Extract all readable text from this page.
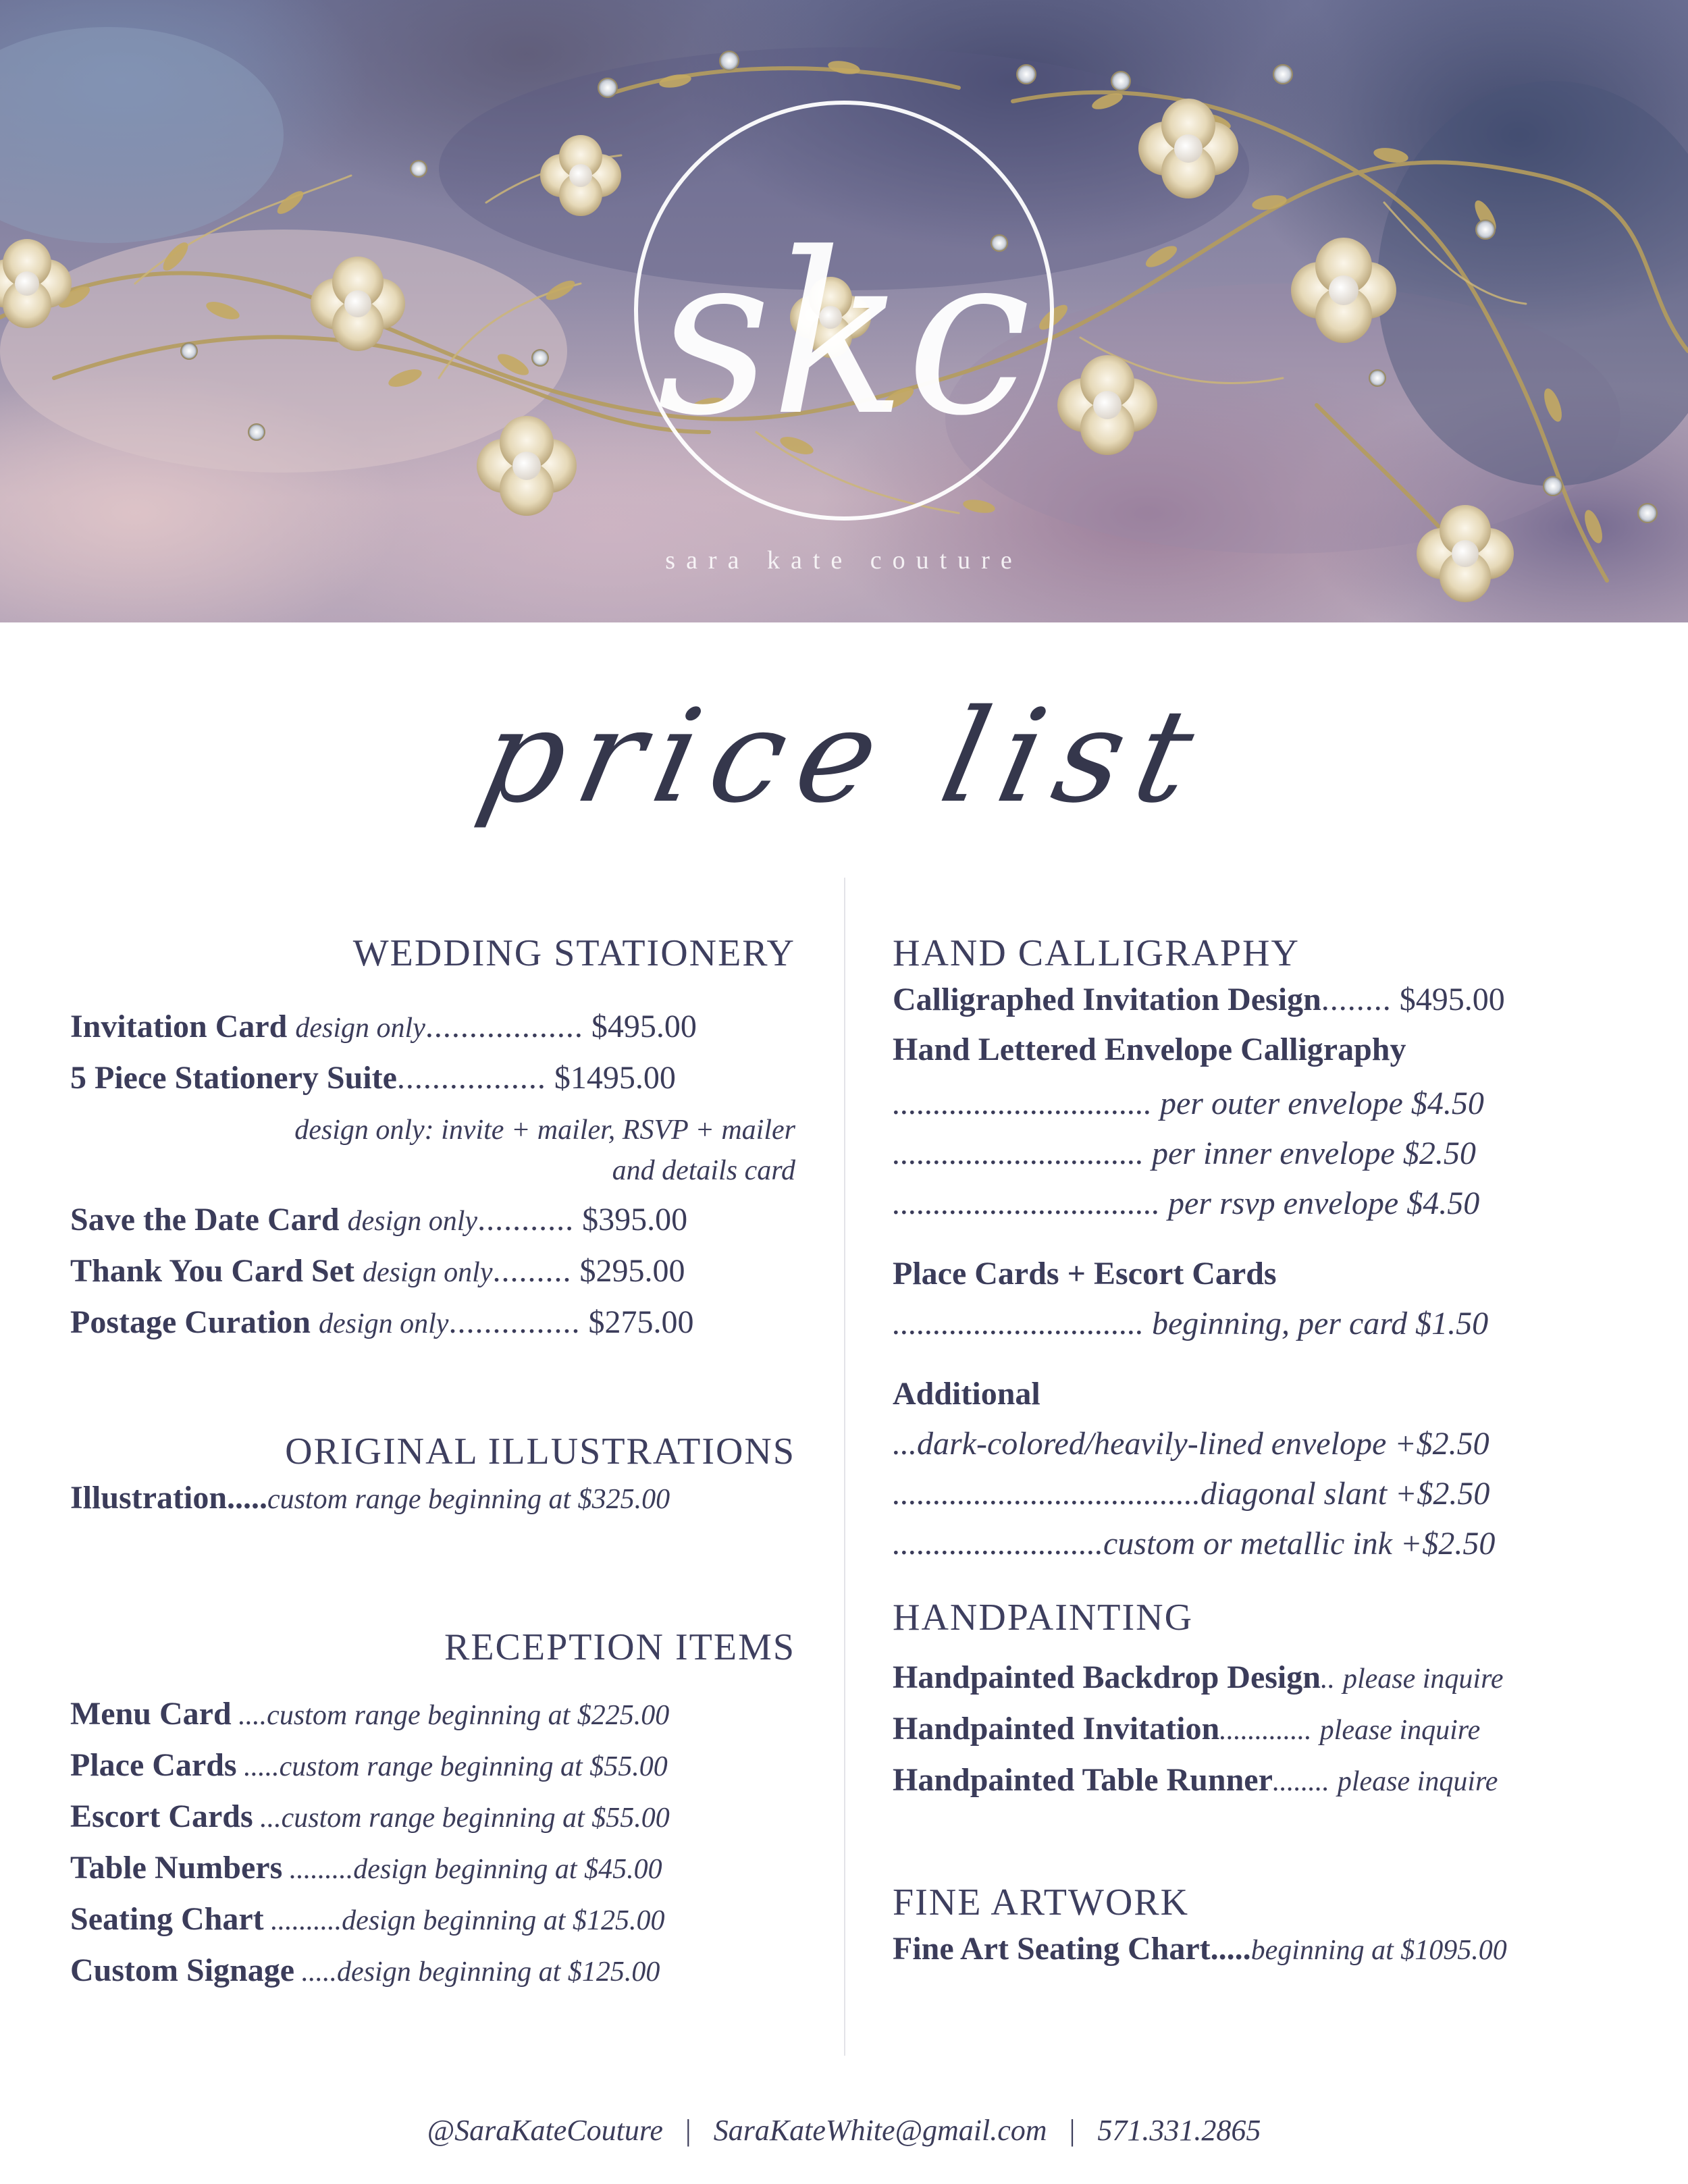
skc
sara kate couture
price list
WEDDING STATIONERY
Invitation Card design only.................. $495.00
5 Piece Stationery Suite................. $1495.00
design only: invite + mailer, RSVP + mailer
and details card
Save the Date Card design only........... $395.00
Thank You Card Set design only......... $295.00
Postage Curation design only............... $275.00
ORIGINAL ILLUSTRATIONS
Illustration.....custom range beginning at $325.00
RECEPTION ITEMS
Menu Card ....custom range beginning at $225.00
Place Cards .....custom range beginning at $55.00
Escort Cards ...custom range beginning at $55.00
Table Numbers .........design beginning at $45.00
Seating Chart ..........design beginning at $125.00
Custom Signage .....design beginning at $125.00
HAND CALLIGRAPHY
Calligraphed Invitation Design........ $495.00
Hand Lettered Envelope Calligraphy
................................ per outer envelope $4.50
............................... per inner envelope $2.50
................................. per rsvp envelope $4.50
Place Cards + Escort Cards
............................... beginning, per card $1.50
Additional
...dark-colored/heavily-lined envelope +$2.50
......................................diagonal slant +$2.50
..........................custom or metallic ink +$2.50
HANDPAINTING
Handpainted Backdrop Design.. please inquire
Handpainted Invitation............. please inquire
Handpainted Table Runner........ please inquire
FINE ARTWORK
Fine Art Seating Chart.....beginning at $1095.00
@SaraKateCouture | SaraKateWhite@gmail.com | 571.331.2865
